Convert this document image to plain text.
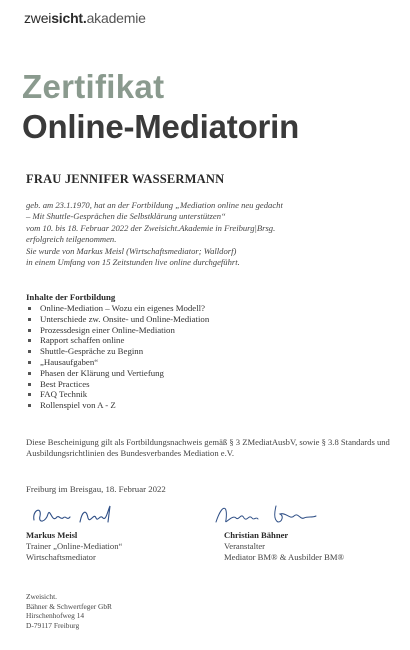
zweisicht.akademie
Zertifikat
Online-Mediatorin
FRAU JENNIFER WASSERMANN
geb. am 23.1.1970, hat an der Fortbildung „Mediation online neu gedacht
– Mit Shuttle-Gesprächen die Selbstklärung unterstützen“
vom 10. bis 18. Februar 2022 der Zweisicht.Akademie in Freiburg|Brsg.
erfolgreich teilgenommen.
Sie wurde von Markus Meisl (Wirtschaftsmediator; Walldorf)
in einem Umfang von 15 Zeitstunden live online durchgeführt.
Inhalte der Fortbildung
Online-Mediation – Wozu ein eigenes Modell?
Unterschiede zw. Onsite- und Online-Mediation
Prozessdesign einer Online-Mediation
Rapport schaffen online
Shuttle-Gespräche zu Beginn
„Hausaufgaben“
Phasen der Klärung und Vertiefung
Best Practices
FAQ Technik
Rollenspiel von A - Z
Diese Bescheinigung gilt als Fortbildungsnachweis gemäß § 3 ZMediatAusbV, sowie § 3.8 Standards und
Ausbildungsrichtlinien des Bundesverbandes Mediation e.V.
Freiburg im Breisgau, 18. Februar 2022
Markus Meisl
Trainer „Online-Mediation“
Wirtschaftsmediator
Christian Bähner
Veranstalter
Mediator BM® & Ausbilder BM®
Zweisicht.
Bähner & Schwertfeger GbR
Hirschenhofweg 14
D-79117 Freiburg
